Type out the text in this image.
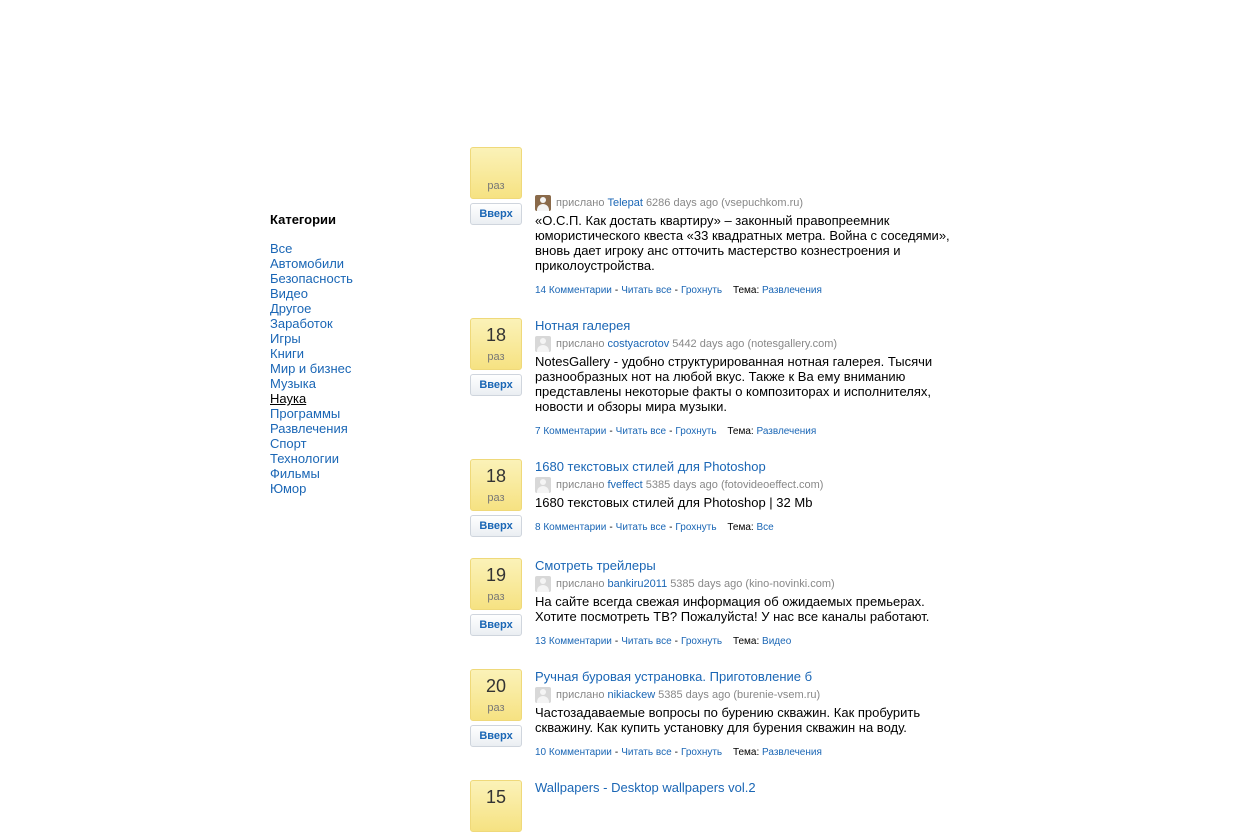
Категории
Все
Автомобили
Безопасность
Видео
Другое
Заработок
Игры
Книги
Мир и бизнес
Музыка
Наука
Программы
Развлечения
Спорт
Технологии
Фильмы
Юмор
раз
Вверх
прислано Telepat 6286 days ago
(vsepuchkom.ru)
«О.С.П. Как достать квартиру» – законный правопреемник юмористического квеста «33 квадратных метра. Война с соседями», вновь дает игроку анс отточить мастерство кознестроения и приколоустройства.
14 Комментарии - Читать все - Грохнуть Тема: Развлечения
18
раз
Вверх
Нотная галерея
прислано costyacrotov 5442 days ago
(notesgallery.com)
NotesGallery - удобно структурированная нотная галерея. Тысячи разнообразных нот на любой вкус. Также к Ва ему вниманию представлены некоторые факты о композиторах и исполнителях, новости и обзоры мира музыки.
7 Комментарии - Читать все - Грохнуть Тема: Развлечения
18
раз
Вверх
1680 текстовых стилей для Photoshop
прислано fveffect 5385 days ago
(fotovideoeffect.com)
1680 текстовых стилей для Photoshop | 32 Mb
8 Комментарии - Читать все - Грохнуть Тема: Все
19
раз
Вверх
Смотреть трейлеры
прислано bankiru2011 5385 days ago
(kino-novinki.com)
На сайте всегда свежая информация об ожидаемых премьерах. Хотите посмотреть ТВ? Пожалуйста! У нас все каналы работают.
13 Комментарии - Читать все - Грохнуть Тема: Видео
20
раз
Вверх
Ручная буровая устрановка. Приготовление б
прислано nikiackew 5385 days ago
(burenie-vsem.ru)
Частозадаваемые вопросы по бурению скважин. Как пробурить скважину. Как купить установку для бурения скважин на воду.
10 Комментарии - Читать все - Грохнуть Тема: Развлечения
15	Wallpapers - Desktop wallpapers vol.2
